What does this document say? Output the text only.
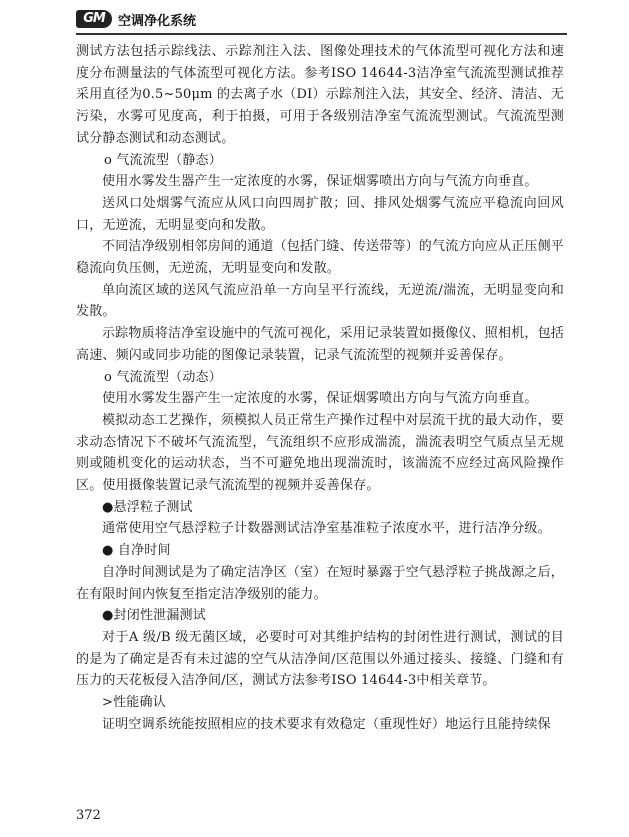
GM	空调净化系统

测试方法包括示踪线法、示踪剂注入法、图像处理技术的气体流型可视化方法和速度分布测量法的气体流型可视化方法。参考ISO 14644-3洁净室气流流型测试推荐采用直径为0.5~50μm 的去离子水（DI）示踪剂注入法，其安全、经济、清洁、无污染，水雾可见度高，利于拍摄，可用于各级别洁净室气流流型测试。气流流型测试分静态测试和动态测试。

o 气流流型（静态）

使用水雾发生器产生一定浓度的水雾，保证烟雾喷出方向与气流方向垂直。

送风口处烟雾气流应从风口向四周扩散；回、排风处烟雾气流应平稳流向回风口，无逆流，无明显变向和发散。

不同洁净级别相邻房间的通道（包括门缝、传送带等）的气流方向应从正压侧平稳流向负压侧，无逆流，无明显变向和发散。

单向流区域的送风气流应沿单一方向呈平行流线，无逆流/湍流，无明显变向和发散。

示踪物质将洁净室设施中的气流可视化，采用记录装置如摄像仪、照相机，包括高速、频闪或同步功能的图像记录装置，记录气流流型的视频并妥善保存。

o 气流流型（动态）

使用水雾发生器产生一定浓度的水雾，保证烟雾喷出方向与气流方向垂直。

模拟动态工艺操作，须模拟人员正常生产操作过程中对层流干扰的最大动作，要求动态情况下不破坏气流流型，气流组织不应形成湍流，湍流表明空气质点呈无规则或随机变化的运动状态，当不可避免地出现湍流时，该湍流不应经过高风险操作区。使用摄像装置记录气流流型的视频并妥善保存。

●悬浮粒子测试

通常使用空气悬浮粒子计数器测试洁净室基准粒子浓度水平，进行洁净分级。

● 自净时间

自净时间测试是为了确定洁净区（室）在短时暴露于空气悬浮粒子挑战源之后，在有限时间内恢复至指定洁净级别的能力。

●封闭性泄漏测试

对于A 级/B 级无菌区域，必要时可对其维护结构的封闭性进行测试，测试的目的是为了确定是否有未过滤的空气从洁净间/区范围以外通过接头、接缝、门缝和有压力的天花板侵入洁净间/区，测试方法参考ISO 14644-3中相关章节。

>性能确认

证明空调系统能按照相应的技术要求有效稳定（重现性好）地运行且能持续保

372
